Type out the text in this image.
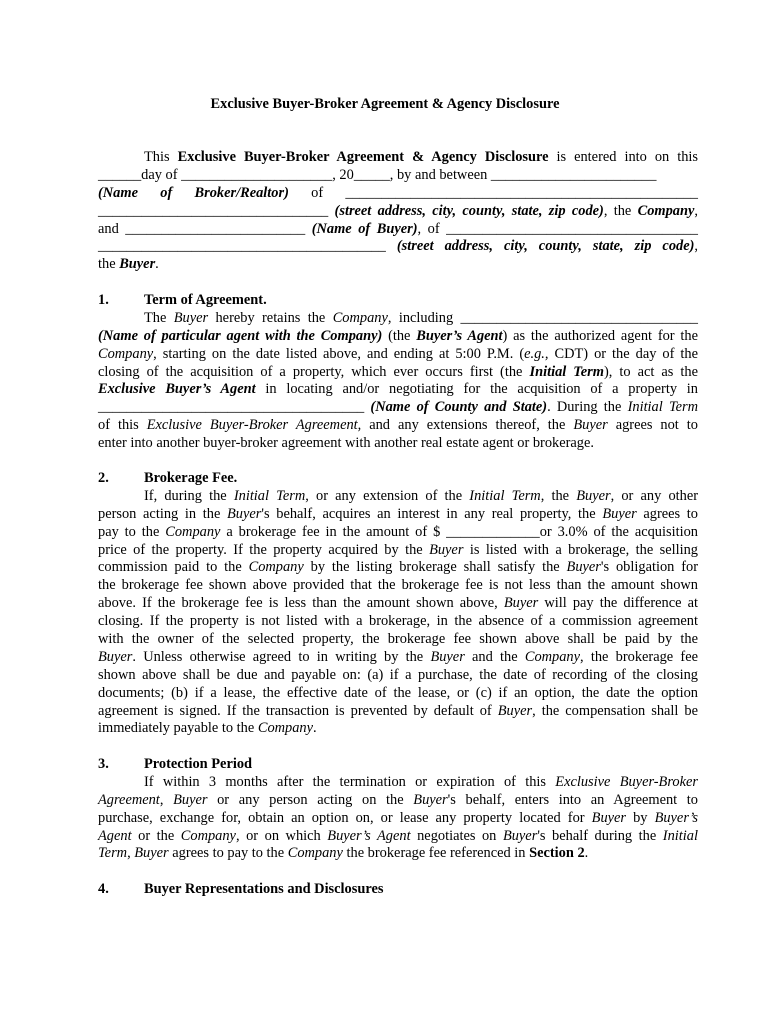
Exclusive Buyer-Broker Agreement & Agency Disclosure
This Exclusive Buyer-Broker Agreement & Agency Disclosure is entered into on this
______day of _____________________, 20_____, by and between _______________________
(Name of Broker/Realtor) of _________________________________________________
________________________________ (street address, city, county, state, zip code), the Company,
and _________________________ (Name of Buyer), of ___________________________________
________________________________________ (street address, city, county, state, zip code),
the Buyer.
1. Term of Agreement.
The Buyer hereby retains the Company, including _________________________________
(Name of particular agent with the Company) (the Buyer’s Agent) as the authorized agent for the
Company, starting on the date listed above, and ending at 5:00 P.M. (e.g., CDT) or the day of the
closing of the acquisition of a property, which ever occurs first (the Initial Term), to act as the
Exclusive Buyer’s Agent in locating and/or negotiating for the acquisition of a property in
_____________________________________ (Name of County and State). During the Initial Term
of this Exclusive Buyer-Broker Agreement, and any extensions thereof, the Buyer agrees not to
enter into another buyer-broker agreement with another real estate agent or brokerage.
2. Brokerage Fee.
If, during the Initial Term, or any extension of the Initial Term, the Buyer, or any other
person acting in the Buyer's behalf, acquires an interest in any real property, the Buyer agrees to
pay to the Company a brokerage fee in the amount of $ _____________or 3.0% of the acquisition
price of the property. If the property acquired by the Buyer is listed with a brokerage, the selling
commission paid to the Company by the listing brokerage shall satisfy the Buyer's obligation for
the brokerage fee shown above provided that the brokerage fee is not less than the amount shown
above. If the brokerage fee is less than the amount shown above, Buyer will pay the difference at
closing. If the property is not listed with a brokerage, in the absence of a commission agreement
with the owner of the selected property, the brokerage fee shown above shall be paid by the
Buyer. Unless otherwise agreed to in writing by the Buyer and the Company, the brokerage fee
shown above shall be due and payable on: (a) if a purchase, the date of recording of the closing
documents; (b) if a lease, the effective date of the lease, or (c) if an option, the date the option
agreement is signed. If the transaction is prevented by default of Buyer, the compensation shall be
immediately payable to the Company.
3. Protection Period
If within 3 months after the termination or expiration of this Exclusive Buyer-Broker
Agreement, Buyer or any person acting on the Buyer's behalf, enters into an Agreement to
purchase, exchange for, obtain an option on, or lease any property located for Buyer by Buyer’s
Agent or the Company, or on which Buyer’s Agent negotiates on Buyer's behalf during the Initial
Term, Buyer agrees to pay to the Company the brokerage fee referenced in Section 2.
4. Buyer Representations and Disclosures
